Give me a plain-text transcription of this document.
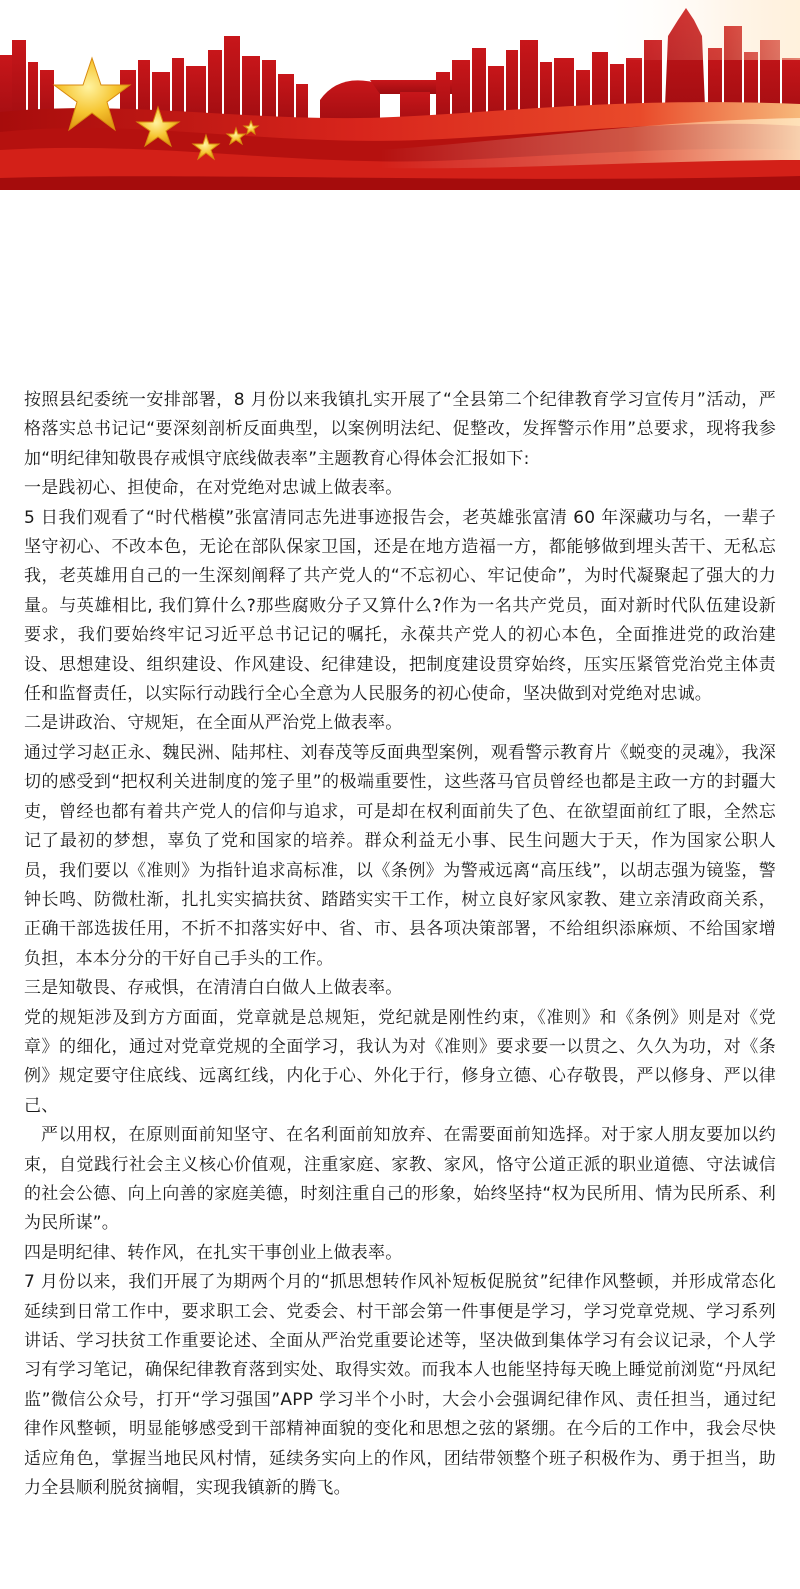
按照县纪委统一安排部署，8 月份以来我镇扎实开展了“全县第二个纪律教育学习宣传月”活动，严格落实总书记记“要深刻剖析反面典型，以案例明法纪、促整改，发挥警示作用”总要求，现将我参加“明纪律知敬畏存戒惧守底线做表率”主题教育心得体会汇报如下:

一是践初心、担使命，在对党绝对忠诚上做表率。

5 日我们观看了“时代楷模”张富清同志先进事迹报告会，老英雄张富清 60 年深藏功与名，一辈子坚守初心、不改本色，无论在部队保家卫国，还是在地方造福一方，都能够做到埋头苦干、无私忘我，老英雄用自己的一生深刻阐释了共产党人的“不忘初心、牢记使命”，为时代凝聚起了强大的力量。与英雄相比, 我们算什么?那些腐败分子又算什么?作为一名共产党员，面对新时代队伍建设新要求，我们要始终牢记习近平总书记记的嘱托，永葆共产党人的初心本色，全面推进党的政治建设、思想建设、组织建设、作风建设、纪律建设，把制度建设贯穿始终，压实压紧管党治党主体责任和监督责任，以实际行动践行全心全意为人民服务的初心使命，坚决做到对党绝对忠诚。

二是讲政治、守规矩，在全面从严治党上做表率。

通过学习赵正永、魏民洲、陆邦柱、刘春茂等反面典型案例，观看警示教育片《蜕变的灵魂》，我深切的感受到“把权利关进制度的笼子里”的极端重要性，这些落马官员曾经也都是主政一方的封疆大吏，曾经也都有着共产党人的信仰与追求，可是却在权利面前失了色、在欲望面前红了眼，全然忘记了最初的梦想，辜负了党和国家的培养。群众利益无小事、民生问题大于天，作为国家公职人员，我们要以《准则》为指针追求高标准，以《条例》为警戒远离“高压线”，以胡志强为镜鉴，警钟长鸣、防微杜渐，扎扎实实搞扶贫、踏踏实实干工作，树立良好家风家教、建立亲清政商关系，正确干部选拔任用，不折不扣落实好中、省、市、县各项决策部署，不给组织添麻烦、不给国家增负担，本本分分的干好自己手头的工作。

三是知敬畏、存戒惧，在清清白白做人上做表率。

党的规矩涉及到方方面面，党章就是总规矩，党纪就是刚性约束，《准则》和《条例》则是对《党章》的细化，通过对党章党规的全面学习，我认为对《准则》要求要一以贯之、久久为功，对《条例》规定要守住底线、远离红线，内化于心、外化于行，修身立德、心存敬畏，严以修身、严以律己、

严以用权，在原则面前知坚守、在名利面前知放弃、在需要面前知选择。对于家人朋友要加以约束，自觉践行社会主义核心价值观，注重家庭、家教、家风，恪守公道正派的职业道德、守法诚信的社会公德、向上向善的家庭美德，时刻注重自己的形象，始终坚持“权为民所用、情为民所系、利为民所谋”。

四是明纪律、转作风，在扎实干事创业上做表率。

7 月份以来，我们开展了为期两个月的“抓思想转作风补短板促脱贫”纪律作风整顿，并形成常态化延续到日常工作中，要求职工会、党委会、村干部会第一件事便是学习，学习党章党规、学习系列讲话、学习扶贫工作重要论述、全面从严治党重要论述等，坚决做到集体学习有会议记录，个人学习有学习笔记，确保纪律教育落到实处、取得实效。而我本人也能坚持每天晚上睡觉前浏览“丹凤纪监”微信公众号，打开“学习强国”APP 学习半个小时，大会小会强调纪律作风、责任担当，通过纪律作风整顿，明显能够感受到干部精神面貌的变化和思想之弦的紧绷。在今后的工作中，我会尽快适应角色，掌握当地民风村情，延续务实向上的作风，团结带领整个班子积极作为、勇于担当，助力全县顺利脱贫摘帽，实现我镇新的腾飞。
